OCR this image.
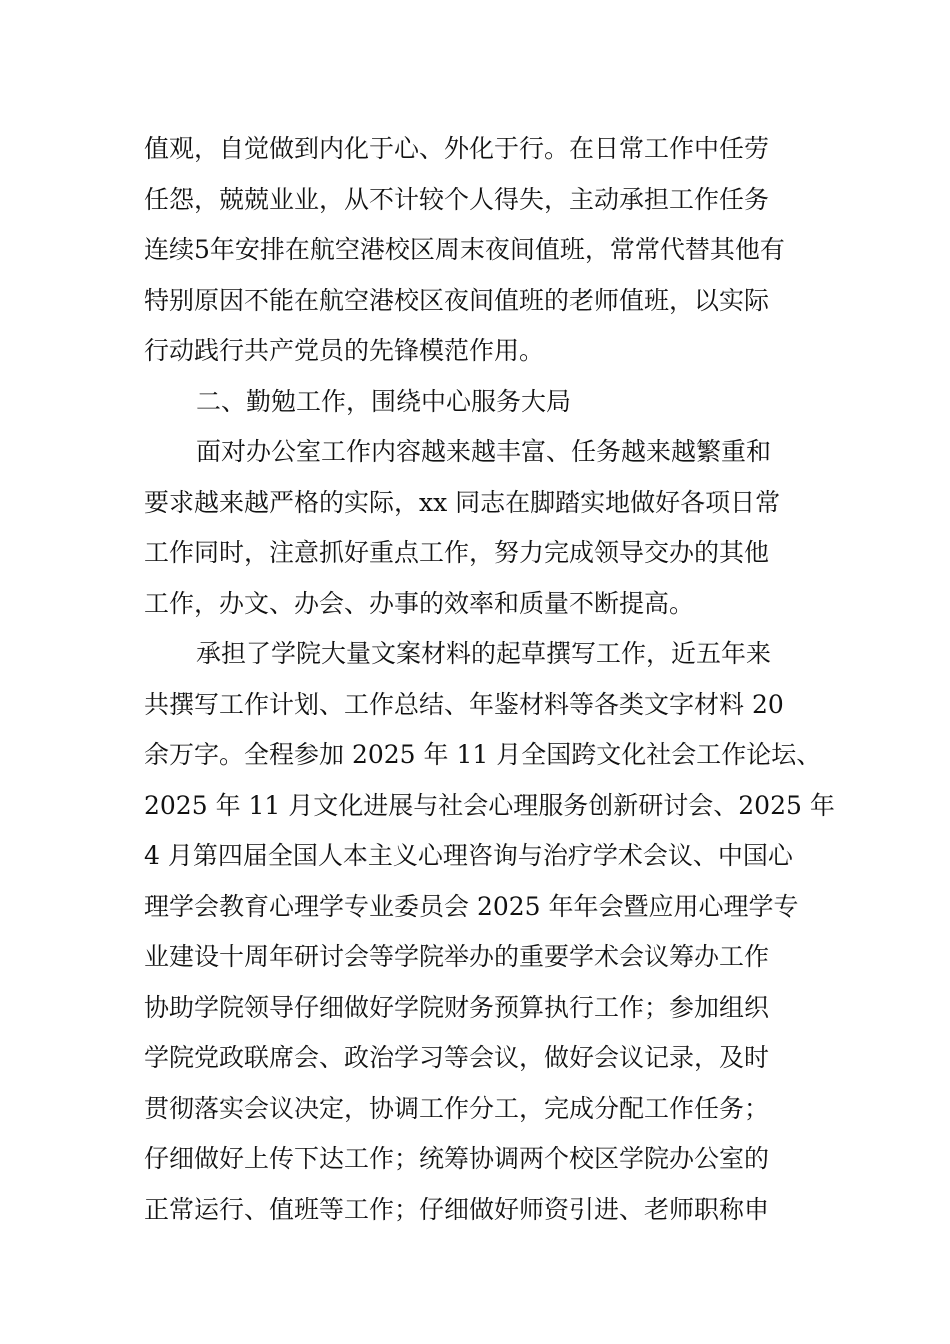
值观，自觉做到内化于心、外化于行。在日常工作中任劳
任怨，兢兢业业，从不计较个人得失，主动承担工作任务
连续5年安排在航空港校区周末夜间值班，常常代替其他有
特别原因不能在航空港校区夜间值班的老师值班，以实际
行动践行共产党员的先锋模范作用。
二、勤勉工作，围绕中心服务大局
面对办公室工作内容越来越丰富、任务越来越繁重和
要求越来越严格的实际，xx 同志在脚踏实地做好各项日常
工作同时，注意抓好重点工作，努力完成领导交办的其他
工作，办文、办会、办事的效率和质量不断提高。
承担了学院大量文案材料的起草撰写工作，近五年来
共撰写工作计划、工作总结、年鉴材料等各类文字材料 20
余万字。全程参加 2025 年 11 月全国跨文化社会工作论坛、
2025 年 11 月文化进展与社会心理服务创新研讨会、2025 年
4 月第四届全国人本主义心理咨询与治疗学术会议、中国心
理学会教育心理学专业委员会 2025 年年会暨应用心理学专
业建设十周年研讨会等学院举办的重要学术会议筹办工作
协助学院领导仔细做好学院财务预算执行工作；参加组织
学院党政联席会、政治学习等会议，做好会议记录，及时
贯彻落实会议决定，协调工作分工，完成分配工作任务；
仔细做好上传下达工作；统筹协调两个校区学院办公室的
正常运行、值班等工作；仔细做好师资引进、老师职称申
